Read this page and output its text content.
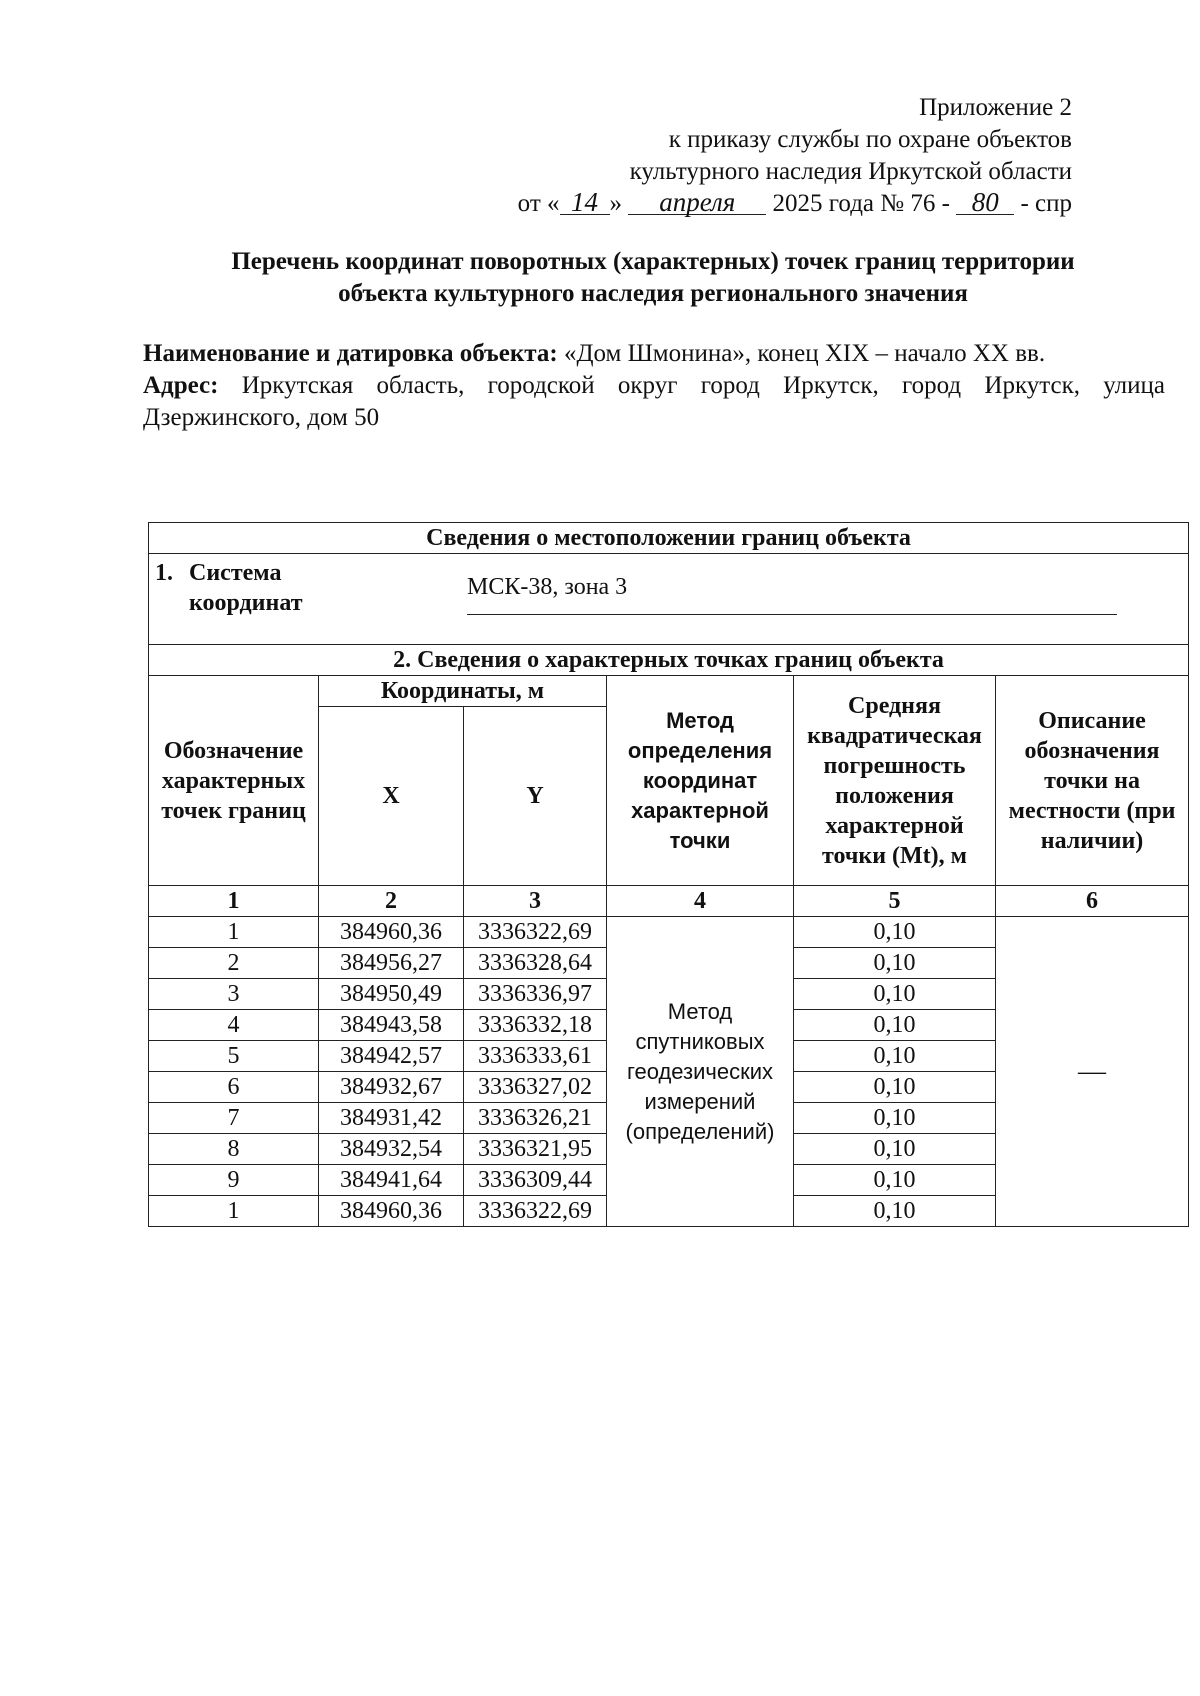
Приложение 2
к приказу службы по охране объектов
культурного наследия Иркутской области
от « 14 » апреля 2025 года № 76 - 80 - спр
Перечень координат поворотных (характерных) точек границ территории
объекта культурного наследия регионального значения
Наименование и датировка объекта: «Дом Шмонина», конец XIX – начало XX вв.
Адрес: Иркутская область, городской округ город Иркутск, город Иркутск, улица Дзержинского, дом 50
Сведения о местоположении границ объекта					

1. Система координат
МСК-38, зона 3					

2. Сведения о характерных точках границ объекта					
Обозначение характерных точек границ	Координаты, м		Метод определения координат характерной точки	Средняя квадратическая погрешность положения характерной точки (Mt), м	Описание обозначения точки на местности (при наличии)
	X	Y			
1	2	3	4	5	6
1	384960,36	3336322,69	Метод спутниковых геодезических измерений (определений)	0,10	—
2	384956,27	3336328,64		0,10	
3	384950,49	3336336,97		0,10	
4	384943,58	3336332,18		0,10	
5	384942,57	3336333,61		0,10	
6	384932,67	3336327,02		0,10	
7	384931,42	3336326,21		0,10	
8	384932,54	3336321,95		0,10	
9	384941,64	3336309,44		0,10	
1	384960,36	3336322,69		0,10	
